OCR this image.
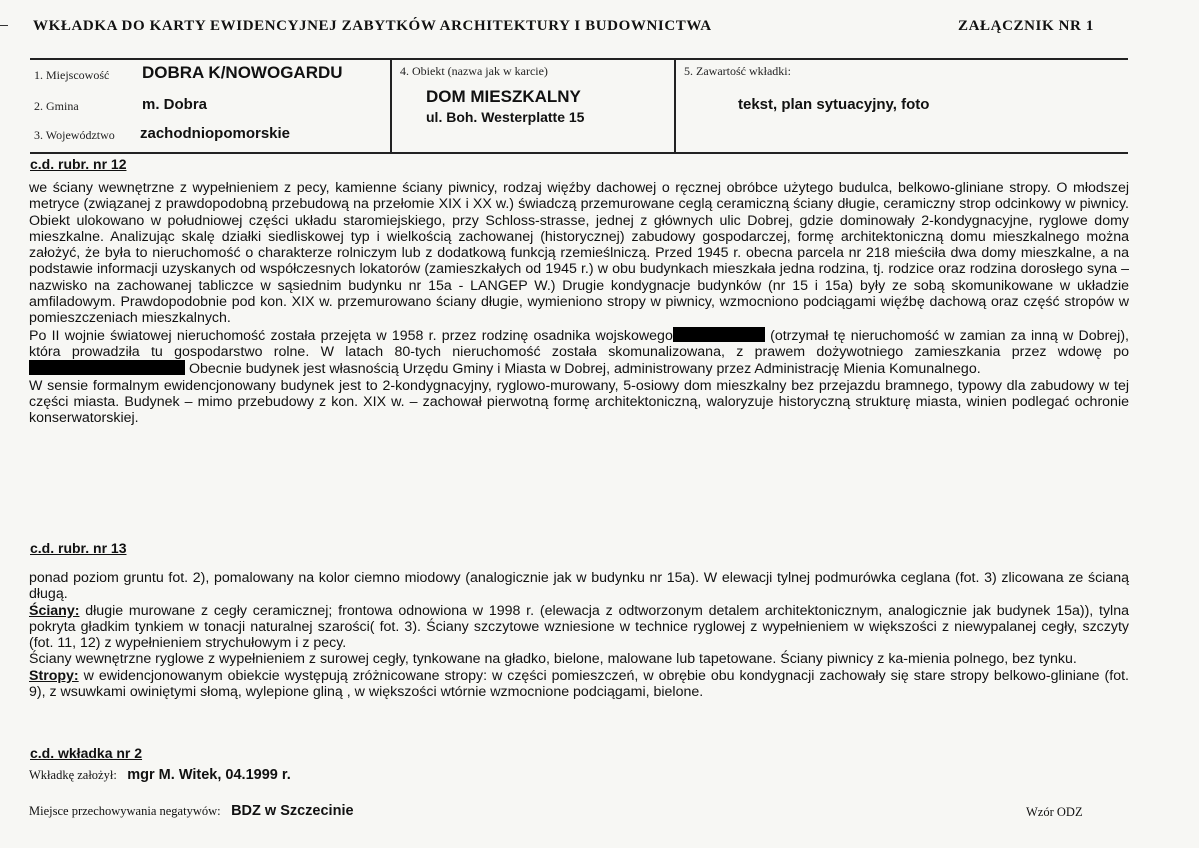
WKŁADKA DO KARTY EWIDENCYJNEJ ZABYTKÓW ARCHITEKTURY I BUDOWNICTWA	ZAŁĄCZNIK NR 1
1. Miejscowość DOBRA K/NOWOGARDU
2. Gmina	m. Dobra
3. Województwo zachodniopomorskie
4. Obiekt (nazwa jak w karcie)
DOM MIESZKALNY
ul. Boh. Westerplatte 15
5. Zawartość wkładki:
tekst, plan sytuacyjny, foto
c.d. rubr. nr 12

we ściany wewnętrzne z wypełnieniem z pecy, kamienne ściany piwnicy, rodzaj więźby dachowej o ręcznej obróbce użytego budulca, belkowo-gliniane stropy. O młodszej metryce (związanej z prawdopodobną przebudową na przełomie XIX i XX w.) świadczą przemurowane ceglą ceramiczną ściany długie, ceramiczny strop odcinkowy w piwnicy. Obiekt ulokowano w południowej części układu staromiejskiego, przy Schloss-strasse, jednej z głównych ulic Dobrej, gdzie dominowały 2-kondygnacyjne, ryglowe domy mieszkalne. Analizując skalę działki siedliskowej typ i wielkością zachowanej (historycznej) zabudowy gospodarczej, formę architektoniczną domu mieszkalnego można założyć, że była to nieruchomość o charakterze rolniczym lub z dodatkową funkcją rzemieślniczą. Przed 1945 r. obecna parcela nr 218 mieściła dwa domy mieszkalne, a na podstawie informacji uzyskanych od współczesnych lokatorów (zamieszkałych od 1945 r.) w obu budynkach mieszkała jedna rodzina, tj. rodzice oraz rodzina dorosłego syna – nazwisko na zachowanej tabliczce w sąsiednim budynku nr 15a - LANGEP W.) Drugie kondygnacje budynków (nr 15 i 15a) były ze sobą skomunikowane w układzie amfiladowym. Prawdopodobnie pod kon. XIX w. przemurowano ściany długie, wymieniono stropy w piwnicy, wzmocniono podciągami więźbę dachową oraz część stropów w pomieszczeniach mieszkalnych.

Po II wojnie światowej nieruchomość została przejęta w 1958 r. przez rodzinę osadnika wojskowego	(otrzymał tę nieruchomość w zamian za inną w Dobrej), która prowadziła tu gospodarstwo rolne. W latach 80-tych nieruchomość została skomunalizowana, z prawem dożywotniego zamieszkania przez wdowę po  Obecnie budynek jest własnością Urzędu Gminy i Miasta w Dobrej, administrowany przez Administrację Mienia Komunalnego.

W sensie formalnym ewidencjonowany budynek jest to 2-kondygnacyjny, ryglowo-murowany, 5-osiowy dom mieszkalny bez przejazdu bramnego, typowy dla zabudowy w tej części miasta. Budynek – mimo przebudowy z kon. XIX w. – zachował pierwotną formę architektoniczną, waloryzuje historyczną strukturę miasta, winien podlegać ochronie konserwatorskiej.

c.d. rubr. nr 13

ponad poziom gruntu fot. 2), pomalowany na kolor ciemno miodowy (analogicznie jak w budynku nr 15a). W elewacji tylnej podmurówka ceglana (fot. 3) zlicowana ze ścianą długą.

Ściany: długie murowane z cegły ceramicznej; frontowa odnowiona w 1998 r. (elewacja z odtworzonym detalem architektonicznym, analogicznie jak budynek 15a)), tylna pokryta gładkim tynkiem w tonacji naturalnej szarości( fot. 3). Ściany szczytowe wzniesione w technice ryglowej z wypełnieniem w większości z niewypalanej cegły, szczyty (fot. 11, 12) z wypełnieniem strychułowym i z pecy.

Ściany wewnętrzne ryglowe z wypełnieniem z surowej cegły, tynkowane na gładko, bielone, malowane lub tapetowane. Ściany piwnicy z ka-mienia polnego, bez tynku.

Stropy: w ewidencjonowanym obiekcie występują zróżnicowane stropy: w części pomieszczeń, w obrębie obu kondygnacji zachowały się stare stropy belkowo-gliniane (fot. 9), z wsuwkami owiniętymi słomą, wylepione gliną , w większości wtórnie wzmocnione podciągami, bielone.

c.d. wkładka nr 2
Wkładkę założył: mgr M. Witek, 04.1999 r.
Miejsce przechowywania negatywów: BDZ w Szczecinie	Wzór ODZ
